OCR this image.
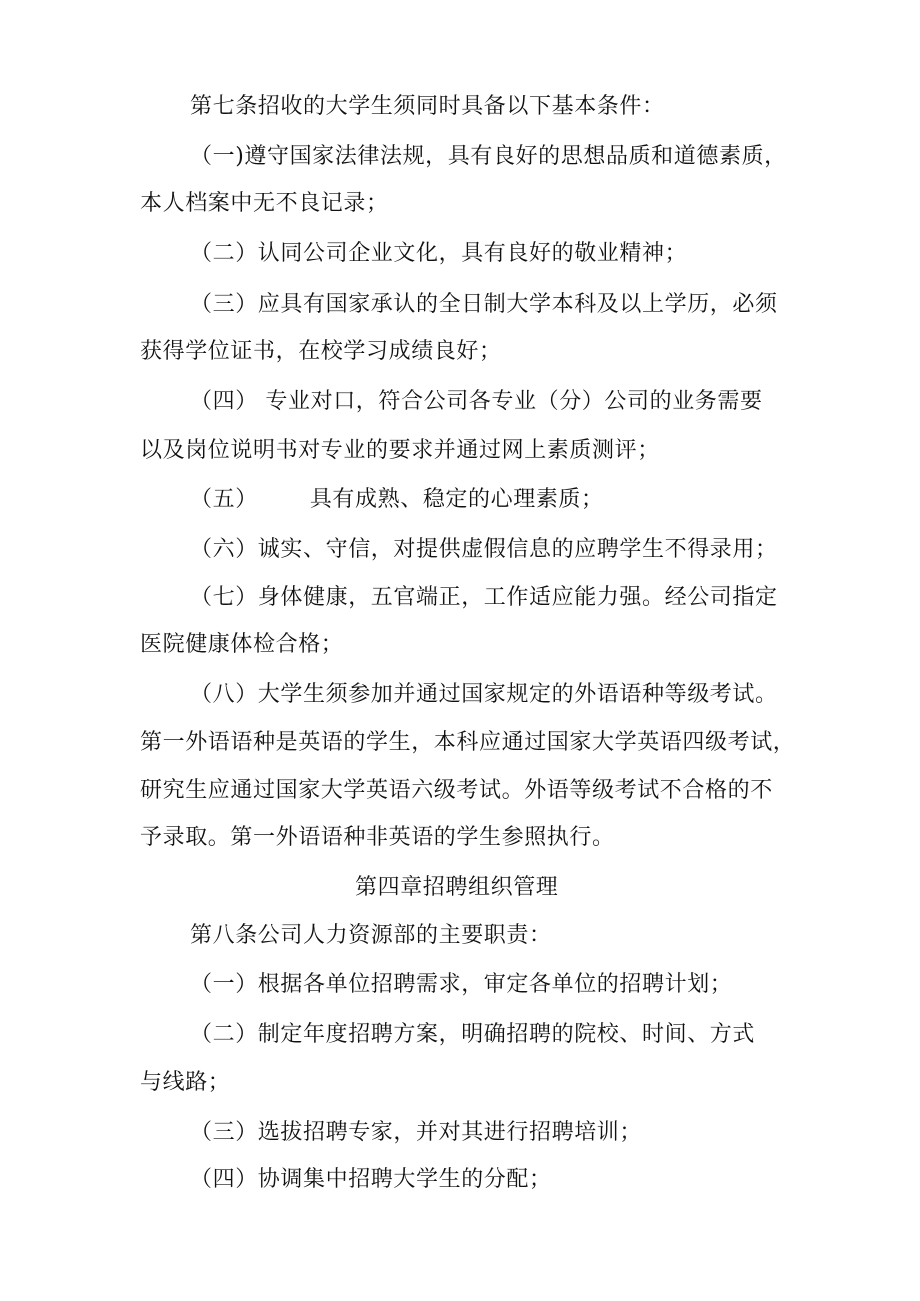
第七条招收的大学生须同时具备以下基本条件：
（一)遵守国家法律法规，具有良好的思想品质和道德素质，
本人档案中无不良记录；
（二）认同公司企业文化，具有良好的敬业精神；
（三）应具有国家承认的全日制大学本科及以上学历，必须
获得学位证书，在校学习成绩良好；
（四） 专业对口，符合公司各专业（分）公司的业务需要
以及岗位说明书对专业的要求并通过网上素质测评；
（五） 具有成熟、稳定的心理素质；
（六）诚实、守信，对提供虚假信息的应聘学生不得录用；
（七）身体健康，五官端正，工作适应能力强。经公司指定
医院健康体检合格；
（八）大学生须参加并通过国家规定的外语语种等级考试。
第一外语语种是英语的学生，本科应通过国家大学英语四级考试，
研究生应通过国家大学英语六级考试。外语等级考试不合格的不
予录取。第一外语语种非英语的学生参照执行。
第四章招聘组织管理
第八条公司人力资源部的主要职责：
（一）根据各单位招聘需求，审定各单位的招聘计划；
（二）制定年度招聘方案，明确招聘的院校、时间、方式
与线路；
（三）选拔招聘专家，并对其进行招聘培训；
（四）协调集中招聘大学生的分配；
